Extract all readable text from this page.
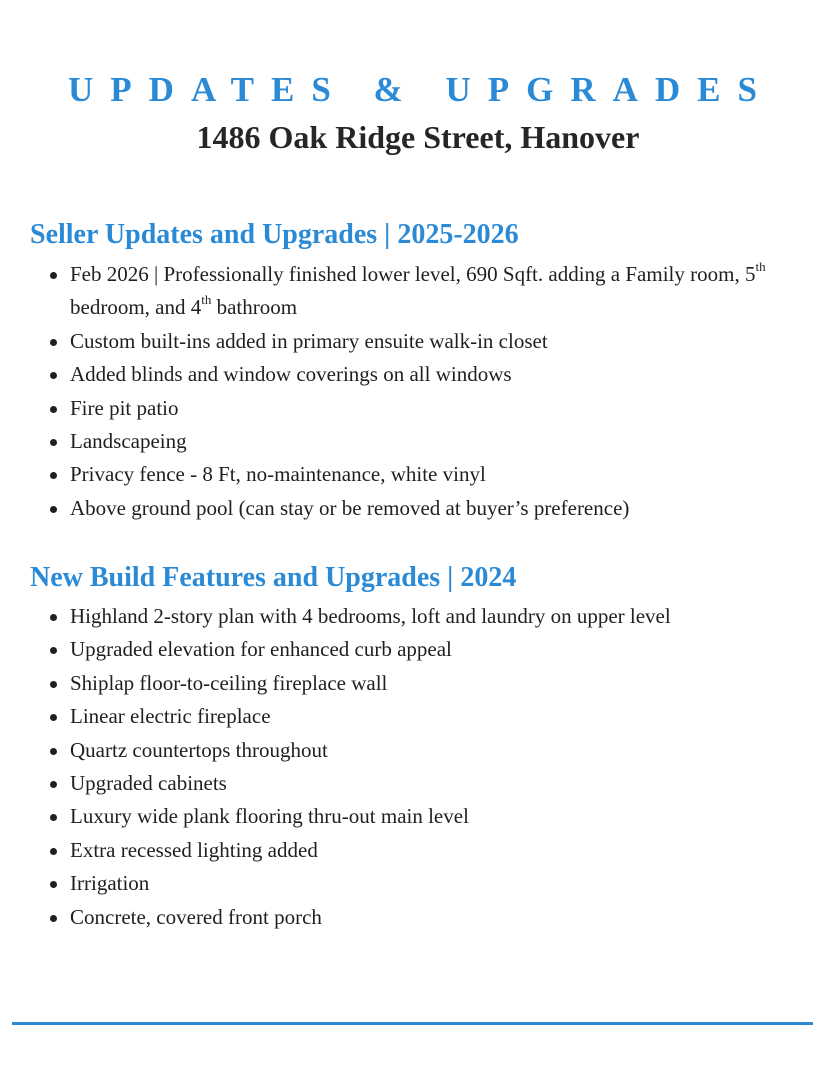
UPDATES & UPGRADES
1486 Oak Ridge Street, Hanover
Seller Updates and Upgrades | 2025-2026
Feb 2026 | Professionally finished lower level, 690 Sqft. adding a Family room, 5th bedroom, and 4th bathroom
Custom built-ins added in primary ensuite walk-in closet
Added blinds and window coverings on all windows
Fire pit patio
Landscapeing
Privacy fence - 8 Ft, no-maintenance, white vinyl
Above ground pool (can stay or be removed at buyer’s preference)
New Build Features and Upgrades | 2024
Highland 2-story plan with 4 bedrooms, loft and laundry on upper level
Upgraded elevation for enhanced curb appeal
Shiplap floor-to-ceiling fireplace wall
Linear electric fireplace
Quartz countertops throughout
Upgraded cabinets
Luxury wide plank flooring thru-out main level
Extra recessed lighting added
Irrigation
Concrete, covered front porch
